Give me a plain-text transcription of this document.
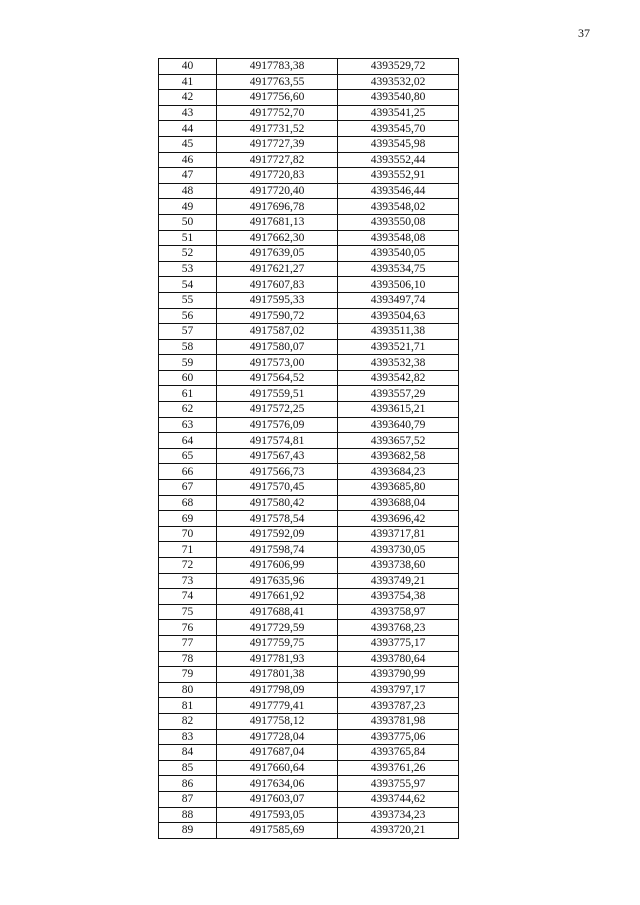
37
40	4917783,38	4393529,72
41	4917763,55	4393532,02
42	4917756,60	4393540,80
43	4917752,70	4393541,25
44	4917731,52	4393545,70
45	4917727,39	4393545,98
46	4917727,82	4393552,44
47	4917720,83	4393552,91
48	4917720,40	4393546,44
49	4917696,78	4393548,02
50	4917681,13	4393550,08
51	4917662,30	4393548,08
52	4917639,05	4393540,05
53	4917621,27	4393534,75
54	4917607,83	4393506,10
55	4917595,33	4393497,74
56	4917590,72	4393504,63
57	4917587,02	4393511,38
58	4917580,07	4393521,71
59	4917573,00	4393532,38
60	4917564,52	4393542,82
61	4917559,51	4393557,29
62	4917572,25	4393615,21
63	4917576,09	4393640,79
64	4917574,81	4393657,52
65	4917567,43	4393682,58
66	4917566,73	4393684,23
67	4917570,45	4393685,80
68	4917580,42	4393688,04
69	4917578,54	4393696,42
70	4917592,09	4393717,81
71	4917598,74	4393730,05
72	4917606,99	4393738,60
73	4917635,96	4393749,21
74	4917661,92	4393754,38
75	4917688,41	4393758,97
76	4917729,59	4393768,23
77	4917759,75	4393775,17
78	4917781,93	4393780,64
79	4917801,38	4393790,99
80	4917798,09	4393797,17
81	4917779,41	4393787,23
82	4917758,12	4393781,98
83	4917728,04	4393775,06
84	4917687,04	4393765,84
85	4917660,64	4393761,26
86	4917634,06	4393755,97
87	4917603,07	4393744,62
88	4917593,05	4393734,23
89	4917585,69	4393720,21
